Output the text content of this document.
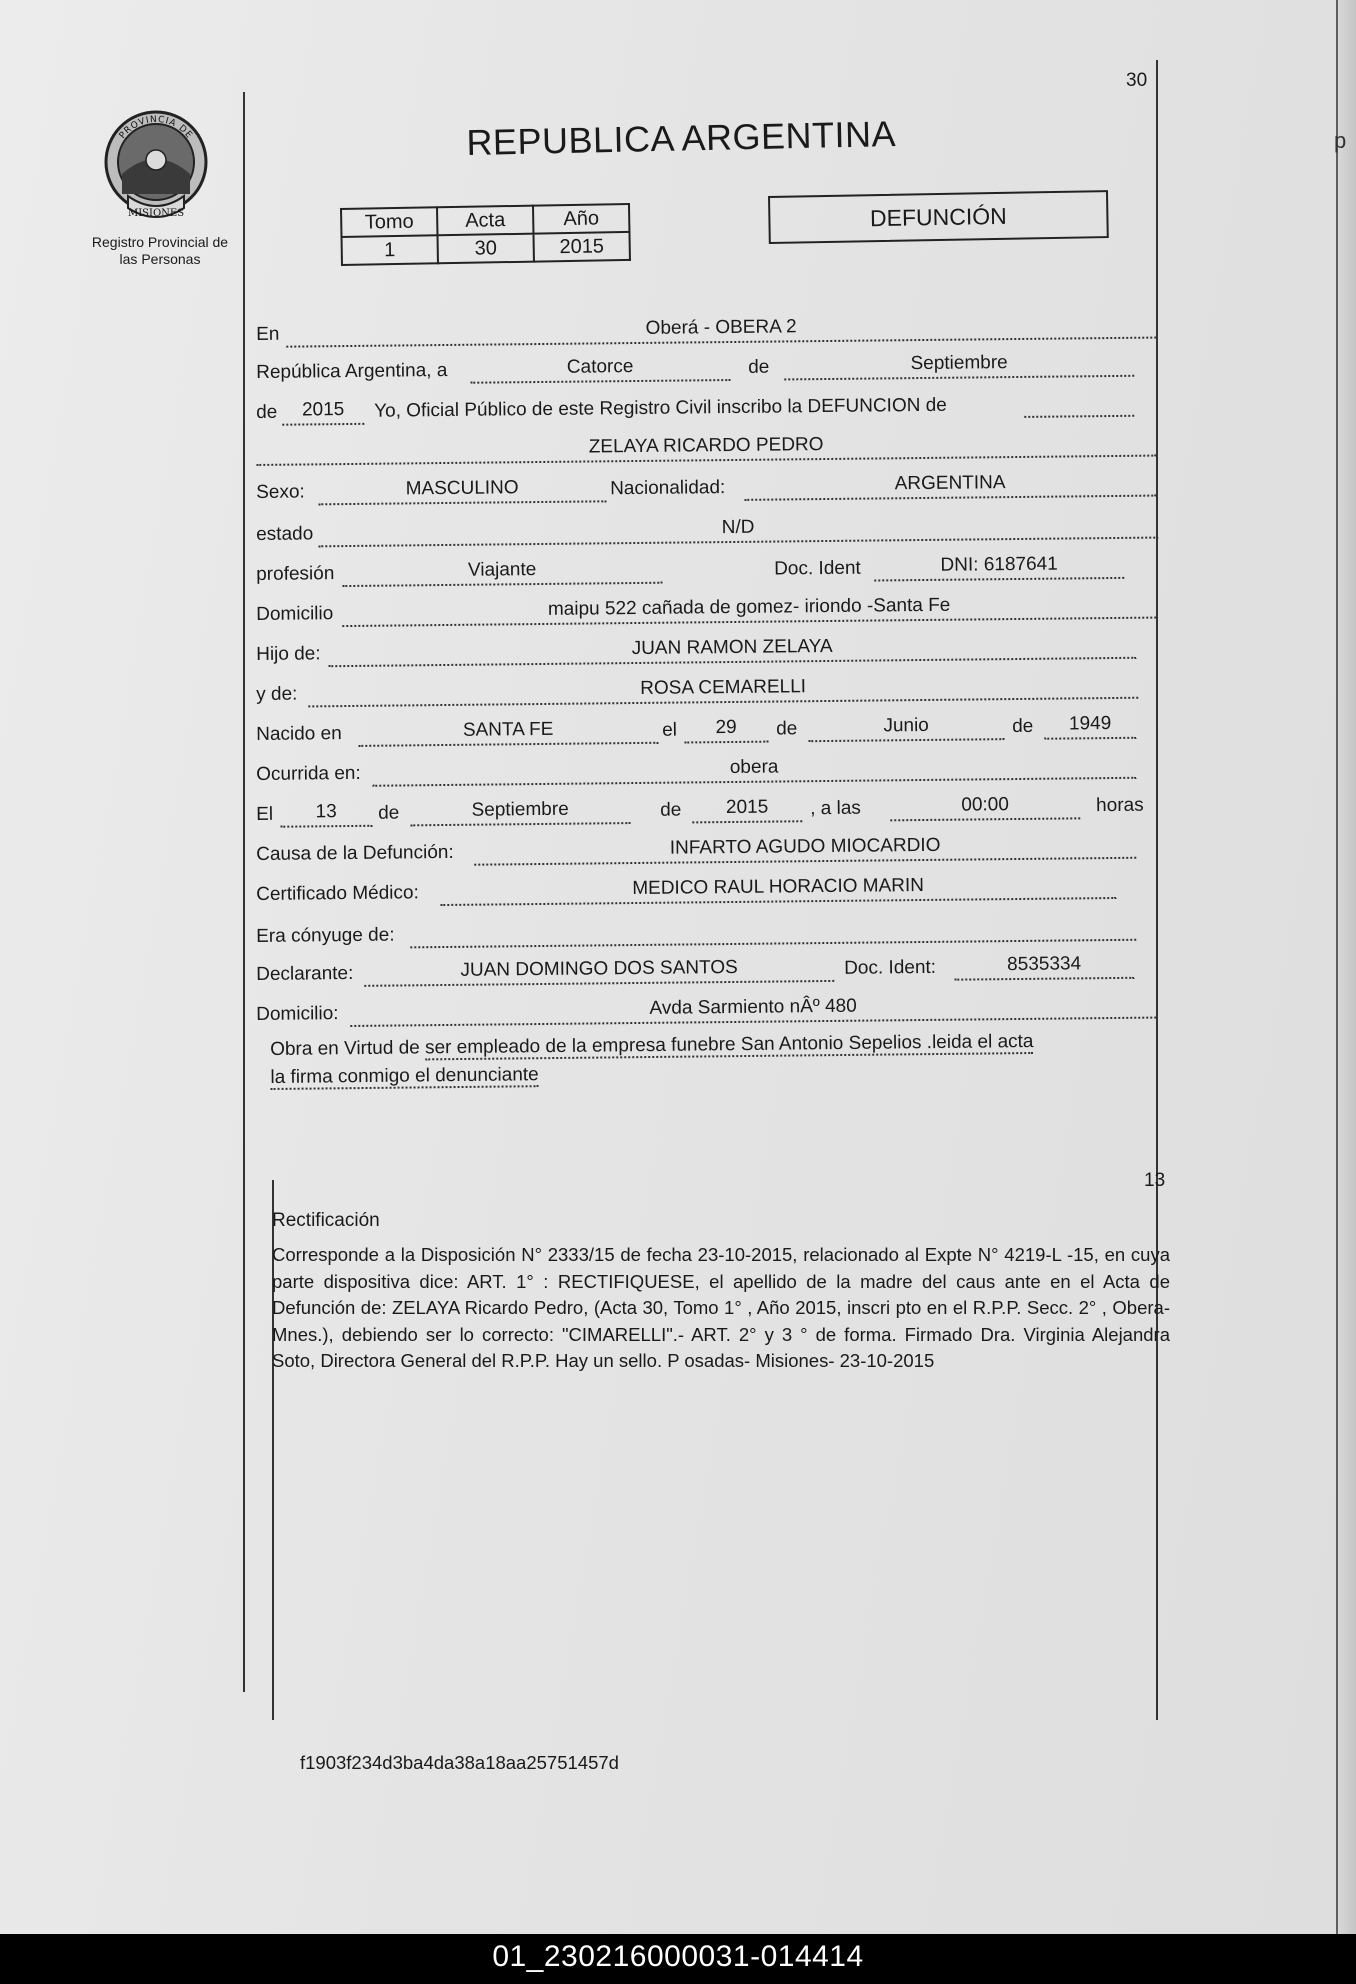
p
30
PROVINCIA DE
MISIONES
Registro Provincial de
las Personas
REPUBLICA ARGENTINA
Tomo	Acta	Año
1	30	2015
DEFUNCIÓN
En	Oberá - OBERA 2
República Argentina, a	Catorce	de	Septiembre
de	2015	Yo, Oficial Público de este Registro Civil inscribo la DEFUNCION de
ZELAYA RICARDO PEDRO
Sexo:	MASCULINO	Nacionalidad:	ARGENTINA
estado	N/D
profesión	Viajante	Doc. Ident	DNI: 6187641
Domicilio	maipu 522 cañada de gomez- iriondo -Santa Fe
Hijo de:	JUAN RAMON ZELAYA
y de:	ROSA CEMARELLI
Nacido en	SANTA FE	el	29	de	Junio	de	1949
Ocurrida en:	obera
El	13	de	Septiembre	de	2015	, a las	00:00	horas
Causa de la Defunción:	INFARTO AGUDO MIOCARDIO
Certificado Médico:	MEDICO RAUL HORACIO MARIN
Era cónyuge de:
Declarante:	JUAN DOMINGO DOS SANTOS	Doc. Ident:	8535334
Domicilio:	Avda Sarmiento nÂº 480
Obra en Virtud de ser empleado de la empresa funebre San Antonio Sepelios .leida el acta
la firma conmigo el denunciante
13
Rectificación
Corresponde a la Disposición N° 2333/15 de fecha 23-10-2015, relacionado al Expte N° 4219-L -15, en cuya parte dispositiva dice: ART. 1° : RECTIFIQUESE, el apellido de la madre del caus ante en el Acta de Defunción de: ZELAYA Ricardo Pedro, (Acta 30, Tomo 1° , Año 2015, inscri pto en el R.P.P. Secc. 2° , Obera-Mnes.), debiendo ser lo correcto: "CIMARELLI".- ART. 2° y 3 ° de forma. Firmado Dra. Virginia Alejandra Soto, Directora General del R.P.P. Hay un sello. P osadas- Misiones- 23-10-2015
f1903f234d3ba4da38a18aa25751457d
01_230216000031-014414
